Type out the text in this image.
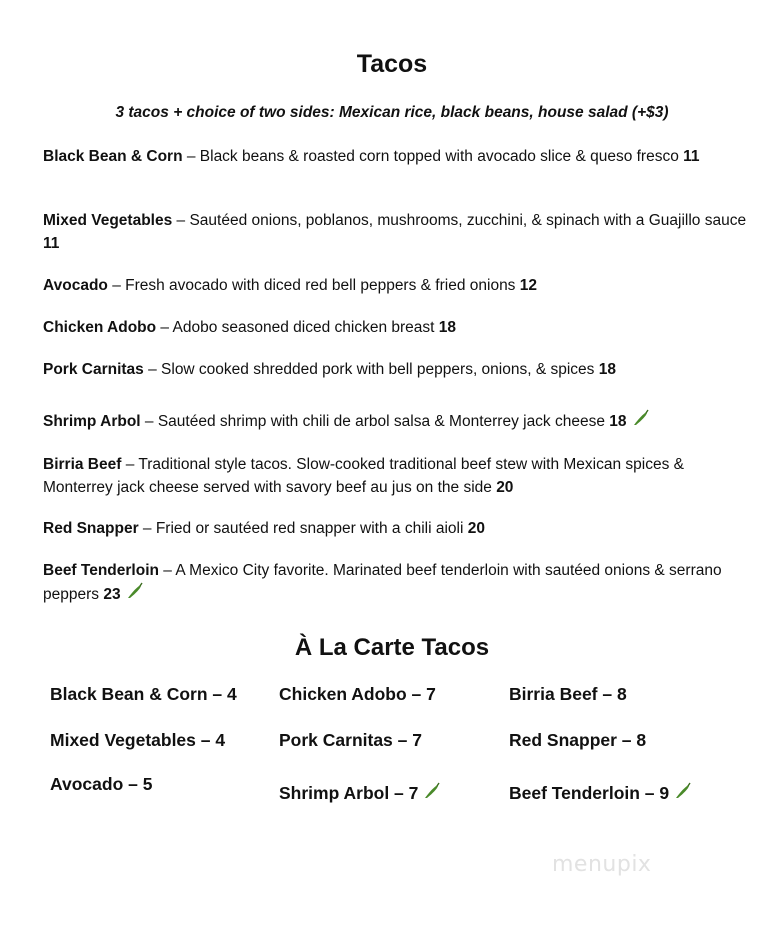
Tacos
3 tacos + choice of two sides: Mexican rice, black beans, house salad (+$3)
Black Bean & Corn – Black beans & roasted corn topped with avocado slice & queso fresco 11
Mixed Vegetables – Sautéed onions, poblanos, mushrooms, zucchini, & spinach with a Guajillo sauce 11
Avocado – Fresh avocado with diced red bell peppers & fried onions 12
Chicken Adobo – Adobo seasoned diced chicken breast 18
Pork Carnitas – Slow cooked shredded pork with bell peppers, onions, & spices 18
Shrimp Arbol – Sautéed shrimp with chili de arbol salsa & Monterrey jack cheese 18
Birria Beef – Traditional style tacos. Slow-cooked traditional beef stew with Mexican spices & Monterrey jack cheese served with savory beef au jus on the side 20
Red Snapper – Fried or sautéed red snapper with a chili aioli 20
Beef Tenderloin – A Mexico City favorite. Marinated beef tenderloin with sautéed onions & serrano peppers 23
À La Carte Tacos
Black Bean & Corn – 4 Chicken Adobo – 7	Birria Beef – 8
Mixed Vegetables – 4	Pork Carnitas – 7	Red Snapper – 8
Avocado – 5	Shrimp Arbol – 7	Beef Tenderloin – 9
menupix
